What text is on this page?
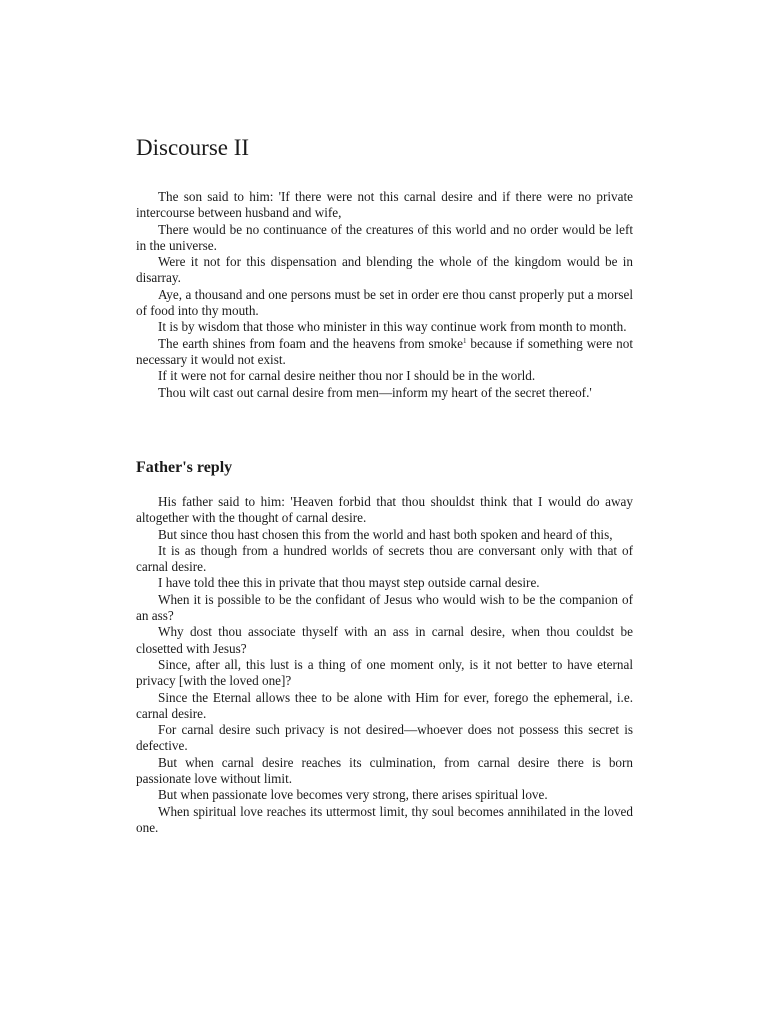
Discourse II

The son said to him: 'If there were not this carnal desire and if there were no private intercourse between husband and wife,

There would be no continuance of the creatures of this world and no order would be left in the universe.

Were it not for this dispensation and blending the whole of the kingdom would be in disarray.

Aye, a thousand and one persons must be set in order ere thou canst properly put a morsel of food into thy mouth.

It is by wisdom that those who minister in this way continue work from month to month.

The earth shines from foam and the heavens from smoke$^1$ because if something were not necessary it would not exist.

If it were not for carnal desire neither thou nor I should be in the world.

Thou wilt cast out carnal desire from men—inform my heart of the secret thereof.'

Father's reply

His father said to him: 'Heaven forbid that thou shouldst think that I would do away altogether with the thought of carnal desire.

But since thou hast chosen this from the world and hast both spoken and heard of this,

It is as though from a hundred worlds of secrets thou are conversant only with that of carnal desire.

I have told thee this in private that thou mayst step outside carnal desire.

When it is possible to be the confidant of Jesus who would wish to be the companion of an ass?

Why dost thou associate thyself with an ass in carnal desire, when thou couldst be closetted with Jesus?

Since, after all, this lust is a thing of one moment only, is it not better to have eternal privacy [with the loved one]?

Since the Eternal allows thee to be alone with Him for ever, forego the ephemeral, i.e. carnal desire.

For carnal desire such privacy is not desired—whoever does not possess this secret is defective.

But when carnal desire reaches its culmination, from carnal desire there is born passionate love without limit.

But when passionate love becomes very strong, there arises spiritual love.

When spiritual love reaches its uttermost limit, thy soul becomes annihilated in the loved one.
